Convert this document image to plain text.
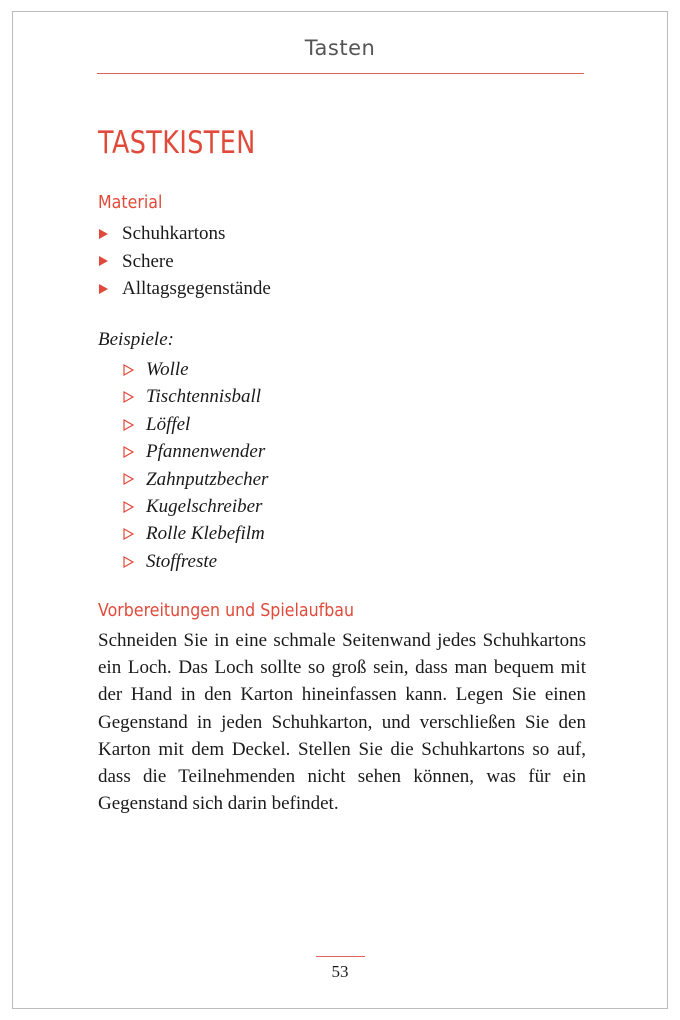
Tasten
TASTKISTEN
Material
Schuhkartons
Schere
Alltagsgegenstände
Beispiele:
Wolle
Tischtennisball
Löffel
Pfannenwender
Zahnputzbecher
Kugelschreiber
Rolle Klebefilm
Stoffreste
Vorbereitungen und Spielaufbau

Schneiden Sie in eine schmale Seitenwand jedes Schuhkartons ein Loch. Das Loch sollte so groß sein, dass man bequem mit der Hand in den Karton hineinfassen kann. Legen Sie einen Gegenstand in jeden Schuhkarton, und verschließen Sie den Karton mit dem Deckel. Stellen Sie die Schuhkartons so auf, dass die Teilnehmenden nicht sehen können, was für ein Gegenstand sich darin befindet.

53
